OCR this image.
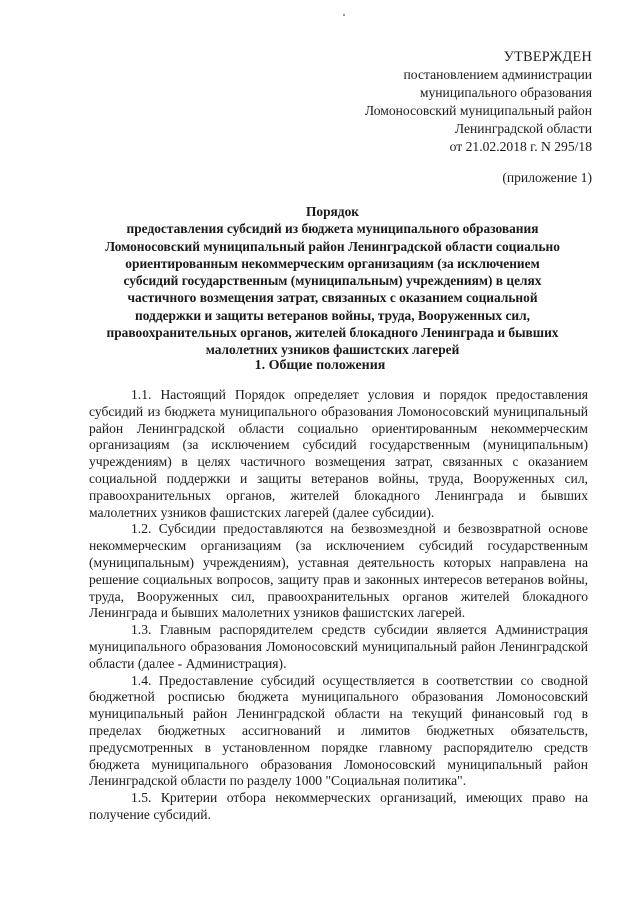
УТВЕРЖДЕН
постановлением администрации
муниципального образования
Ломоносовский муниципальный район
Ленинградской области
от 21.02.2018 г. N 295/18
(приложение 1)
Порядок
предоставления субсидий из бюджета муниципального образования Ломоносовский муниципальный район Ленинградской области социально ориентированным некоммерческим организациям (за исключением субсидий государственным (муниципальным) учреждениям) в целях частичного возмещения затрат, связанных с оказанием социальной поддержки и защиты ветеранов войны, труда, Вооруженных сил, правоохранительных органов, жителей блокадного Ленинграда и бывших малолетних узников фашистских лагерей
1. Общие положения

1.1. Настоящий Порядок определяет условия и порядок предоставления субсидий из бюджета муниципального образования Ломоносовский муниципальный район Ленинградской области социально ориентированным некоммерческим организациям (за исключением субсидий государственным (муниципальным) учреждениям) в целях частичного возмещения затрат, связанных с оказанием социальной поддержки и защиты ветеранов войны, труда, Вооруженных сил, правоохранительных органов, жителей блокадного Ленинграда и бывших малолетних узников фашистских лагерей (далее субсидии).

1.2. Субсидии предоставляются на безвозмездной и безвозвратной основе некоммерческим организациям (за исключением субсидий государственным (муниципальным) учреждениям), уставная деятельность которых направлена на решение социальных вопросов, защиту прав и законных интересов ветеранов войны, труда, Вооруженных сил, правоохранительных органов жителей блокадного Ленинграда и бывших малолетних узников фашистских лагерей.

1.3. Главным распорядителем средств субсидии является Администрация муниципального образования Ломоносовский муниципальный район Ленинградской области (далее - Администрация).

1.4. Предоставление субсидий осуществляется в соответствии со сводной бюджетной росписью бюджета муниципального образования Ломоносовский муниципальный район Ленинградской области на текущий финансовый год в пределах бюджетных ассигнований и лимитов бюджетных обязательств, предусмотренных в установленном порядке главному распорядителю средств бюджета муниципального образования Ломоносовский муниципальный район Ленинградской области по разделу 1000 "Социальная политика".

1.5. Критерии отбора некоммерческих организаций, имеющих право на получение субсидий.
